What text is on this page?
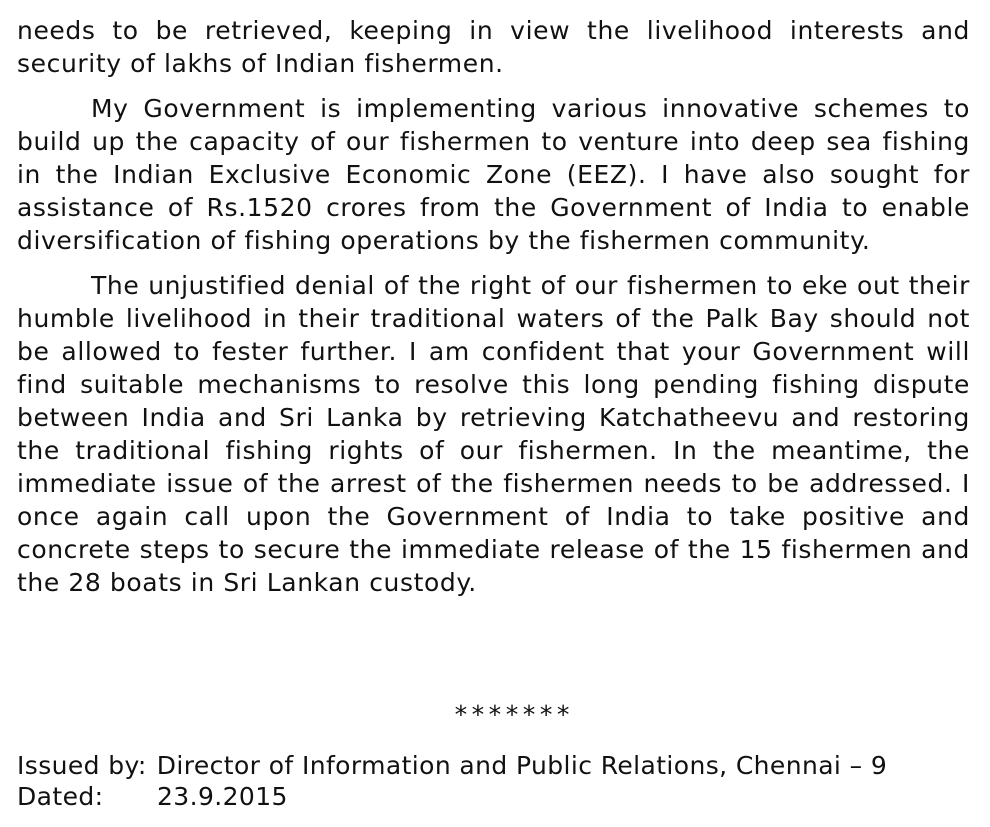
needs to be retrieved, keeping in view the livelihood interests and security of lakhs of Indian fishermen.

My Government is implementing various innovative schemes to build up the capacity of our fishermen to venture into deep sea fishing in the Indian Exclusive Economic Zone (EEZ). I have also sought for assistance of Rs.1520 crores from the Government of India to enable diversification of fishing operations by the fishermen community.

The unjustified denial of the right of our fishermen to eke out their humble livelihood in their traditional waters of the Palk Bay should not be allowed to fester further. I am confident that your Government will find suitable mechanisms to resolve this long pending fishing dispute between India and Sri Lanka by retrieving Katchatheevu and restoring the traditional fishing rights of our fishermen. In the meantime, the immediate issue of the arrest of the fishermen needs to be addressed. I once again call upon the Government of India to take positive and concrete steps to secure the immediate release of the 15 fishermen and the 28 boats in Sri Lankan custody.

*******
Issued by: Director of Information and Public Relations, Chennai – 9
Dated:	23.9.2015
